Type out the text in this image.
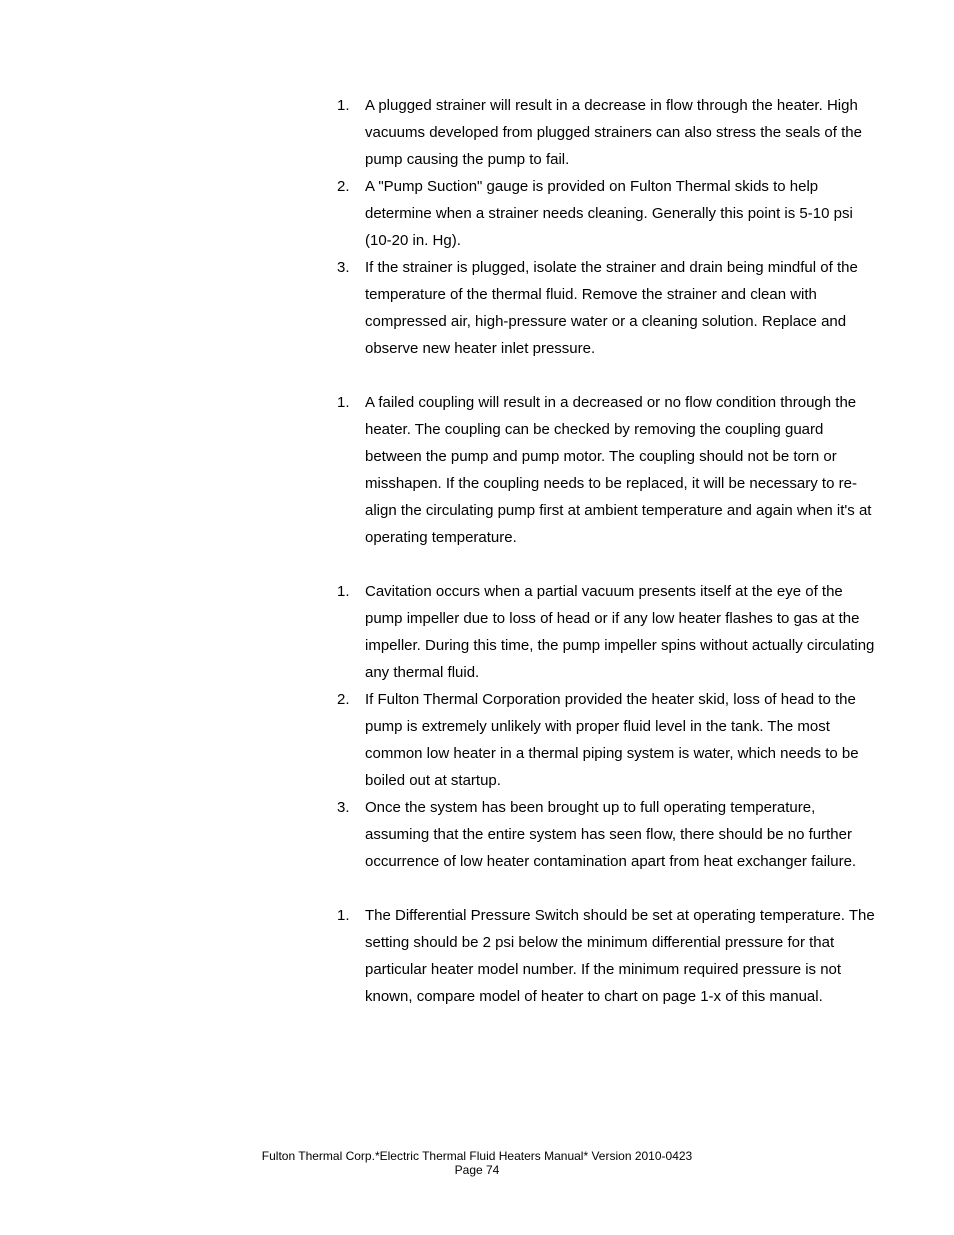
1. A plugged strainer will result in a decrease in flow through the heater. High vacuums developed from plugged strainers can also stress the seals of the pump causing the pump to fail.
2. A "Pump Suction" gauge is provided on Fulton Thermal skids to help determine when a strainer needs cleaning. Generally this point is 5-10 psi (10-20 in. Hg).
3. If the strainer is plugged, isolate the strainer and drain being mindful of the temperature of the thermal fluid. Remove the strainer and clean with compressed air, high-pressure water or a cleaning solution. Replace and observe new heater inlet pressure.
1. A failed coupling will result in a decreased or no flow condition through the heater. The coupling can be checked by removing the coupling guard between the pump and pump motor. The coupling should not be torn or misshapen. If the coupling needs to be replaced, it will be necessary to re-align the circulating pump first at ambient temperature and again when it's at operating temperature.
1. Cavitation occurs when a partial vacuum presents itself at the eye of the pump impeller due to loss of head or if any low heater flashes to gas at the impeller. During this time, the pump impeller spins without actually circulating any thermal fluid.
2. If Fulton Thermal Corporation provided the heater skid, loss of head to the pump is extremely unlikely with proper fluid level in the tank. The most common low heater in a thermal piping system is water, which needs to be boiled out at startup.
3. Once the system has been brought up to full operating temperature, assuming that the entire system has seen flow, there should be no further occurrence of low heater contamination apart from heat exchanger failure.
1. The Differential Pressure Switch should be set at operating temperature. The setting should be 2 psi below the minimum differential pressure for that particular heater model number. If the minimum required pressure is not known, compare model of heater to chart on page 1-x of this manual.
Fulton Thermal Corp.*Electric Thermal Fluid Heaters Manual* Version 2010-0423
Page 74
